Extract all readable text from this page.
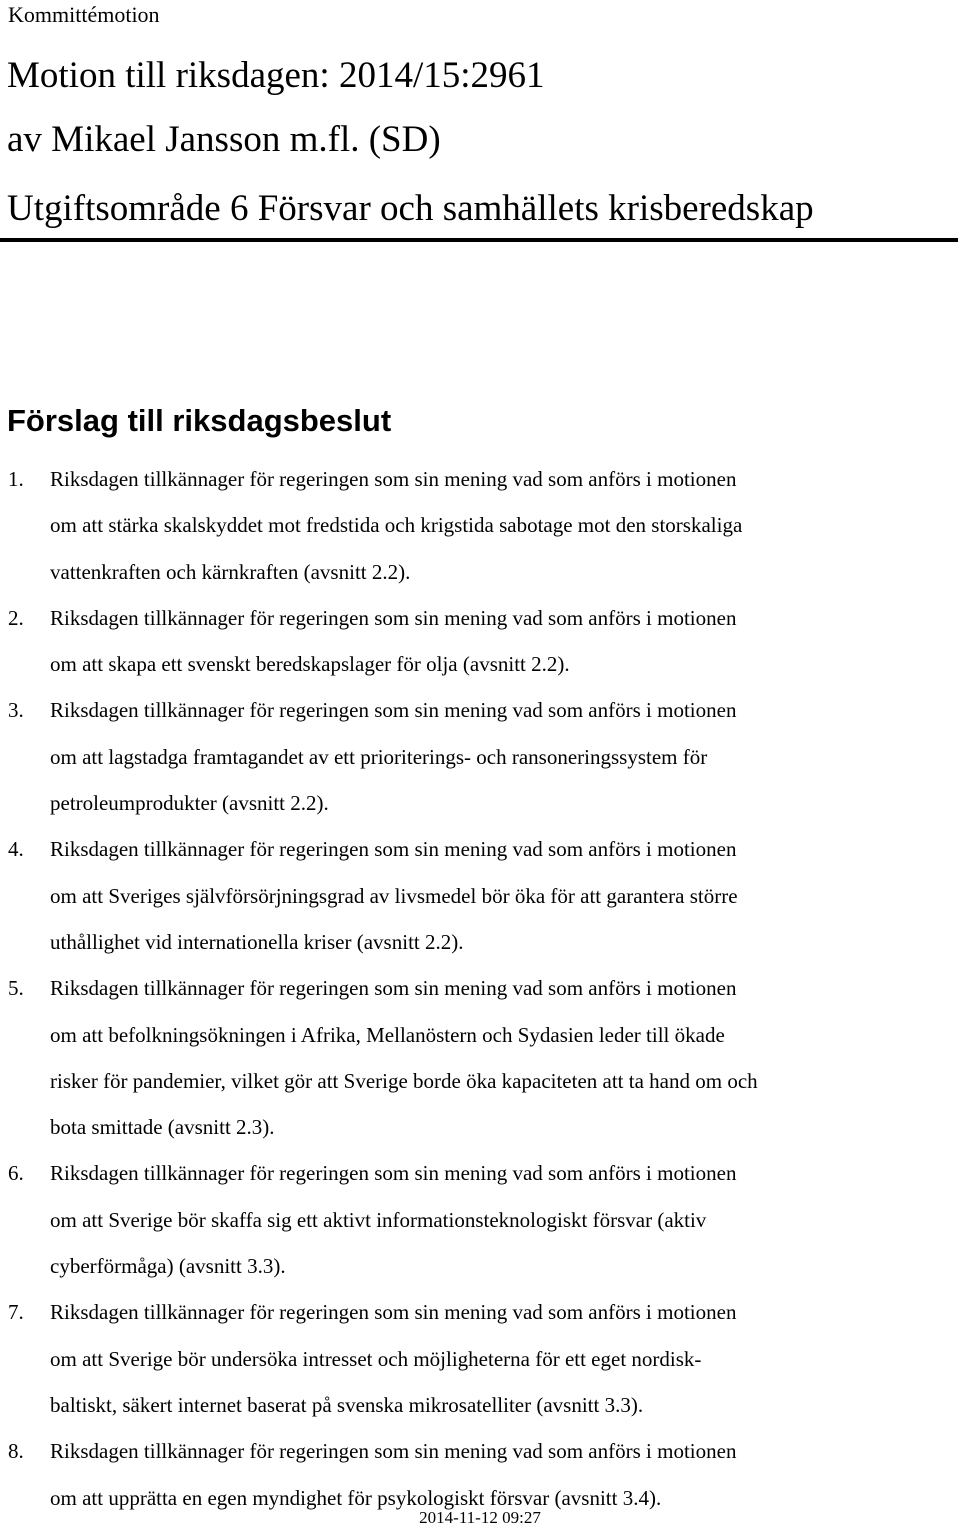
Kommittémotion
Motion till riksdagen: 2014/15:2961
av Mikael Jansson m.fl. (SD)
Utgiftsområde 6 Försvar och samhällets krisberedskap
Förslag till riksdagsbeslut
1. Riksdagen tillkännager för regeringen som sin mening vad som anförs i motionen
om att stärka skalskyddet mot fredstida och krigstida sabotage mot den storskaliga
vattenkraften och kärnkraften (avsnitt 2.2).
2. Riksdagen tillkännager för regeringen som sin mening vad som anförs i motionen
om att skapa ett svenskt beredskapslager för olja (avsnitt 2.2).
3. Riksdagen tillkännager för regeringen som sin mening vad som anförs i motionen
om att lagstadga framtagandet av ett prioriterings- och ransoneringssystem för
petroleumprodukter (avsnitt 2.2).
4. Riksdagen tillkännager för regeringen som sin mening vad som anförs i motionen
om att Sveriges självförsörjningsgrad av livsmedel bör öka för att garantera större
uthållighet vid internationella kriser (avsnitt 2.2).
5. Riksdagen tillkännager för regeringen som sin mening vad som anförs i motionen
om att befolkningsökningen i Afrika, Mellanöstern och Sydasien leder till ökade
risker för pandemier, vilket gör att Sverige borde öka kapaciteten att ta hand om och
bota smittade (avsnitt 2.3).
6. Riksdagen tillkännager för regeringen som sin mening vad som anförs i motionen
om att Sverige bör skaffa sig ett aktivt informationsteknologiskt försvar (aktiv
cyberförmåga) (avsnitt 3.3).
7. Riksdagen tillkännager för regeringen som sin mening vad som anförs i motionen
om att Sverige bör undersöka intresset och möjligheterna för ett eget nordisk-
baltiskt, säkert internet baserat på svenska mikrosatelliter (avsnitt 3.3).
8. Riksdagen tillkännager för regeringen som sin mening vad som anförs i motionen
om att upprätta en egen myndighet för psykologiskt försvar (avsnitt 3.4).
2014-11-12 09:27
